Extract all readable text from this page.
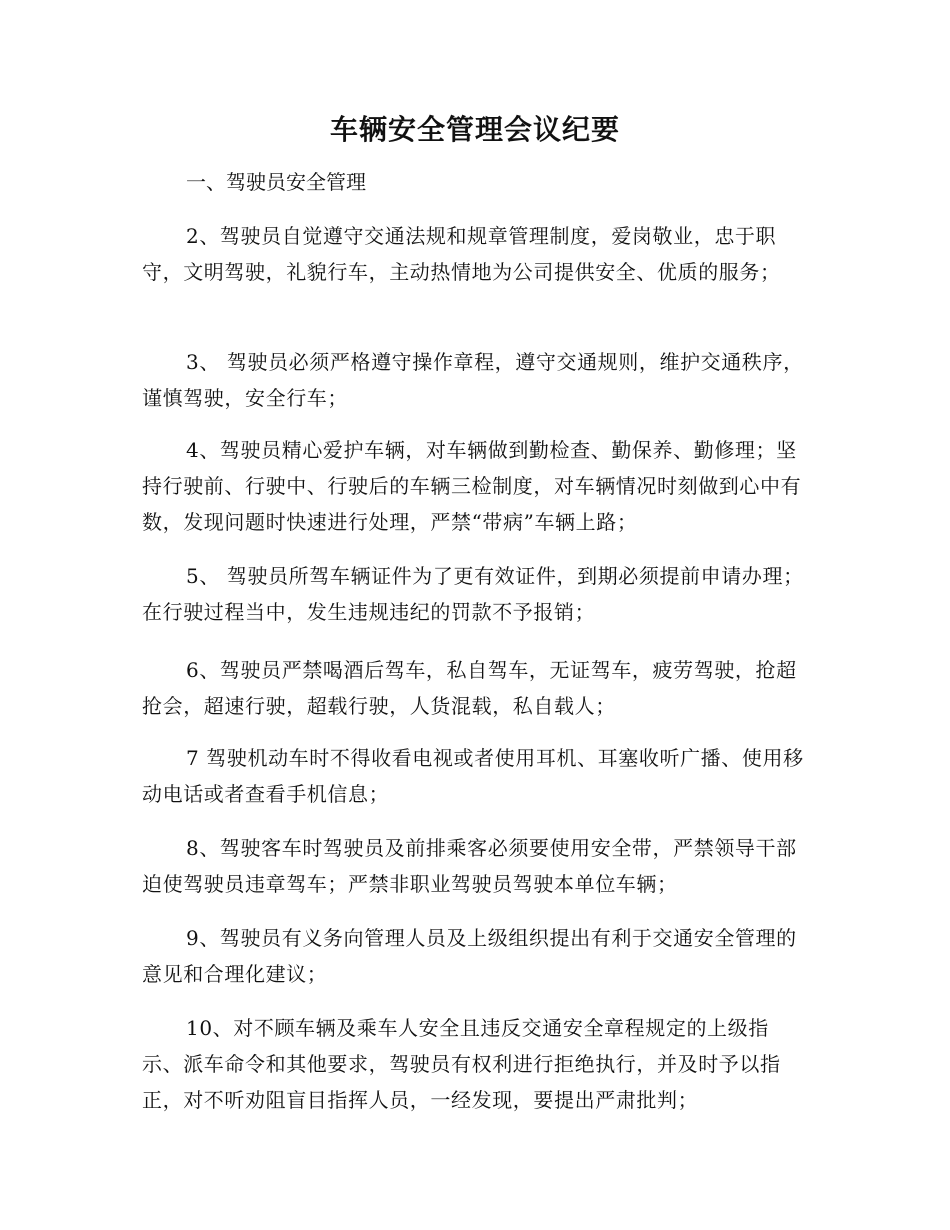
车辆安全管理会议纪要

一、驾驶员安全管理

2、驾驶员自觉遵守交通法规和规章管理制度，爱岗敬业，忠于职守，文明驾驶，礼貌行车，主动热情地为公司提供安全、优质的服务；

3、 驾驶员必须严格遵守操作章程，遵守交通规则，维护交通秩序，谨慎驾驶，安全行车；

4、驾驶员精心爱护车辆，对车辆做到勤检查、勤保养、勤修理；坚持行驶前、行驶中、行驶后的车辆三检制度，对车辆情况时刻做到心中有数，发现问题时快速进行处理，严禁“带病”车辆上路；

5、 驾驶员所驾车辆证件为了更有效证件，到期必须提前申请办理；在行驶过程当中，发生违规违纪的罚款不予报销；

6、驾驶员严禁喝酒后驾车，私自驾车，无证驾车，疲劳驾驶，抢超抢会，超速行驶，超载行驶，人货混载，私自载人；

7 驾驶机动车时不得收看电视或者使用耳机、耳塞收听广播、使用移动电话或者查看手机信息；

8、驾驶客车时驾驶员及前排乘客必须要使用安全带，严禁领导干部迫使驾驶员违章驾车；严禁非职业驾驶员驾驶本单位车辆；

9、驾驶员有义务向管理人员及上级组织提出有利于交通安全管理的意见和合理化建议；

10、对不顾车辆及乘车人安全且违反交通安全章程规定的上级指示、派车命令和其他要求，驾驶员有权利进行拒绝执行，并及时予以指正，对不听劝阻盲目指挥人员，一经发现，要提出严肃批判；
